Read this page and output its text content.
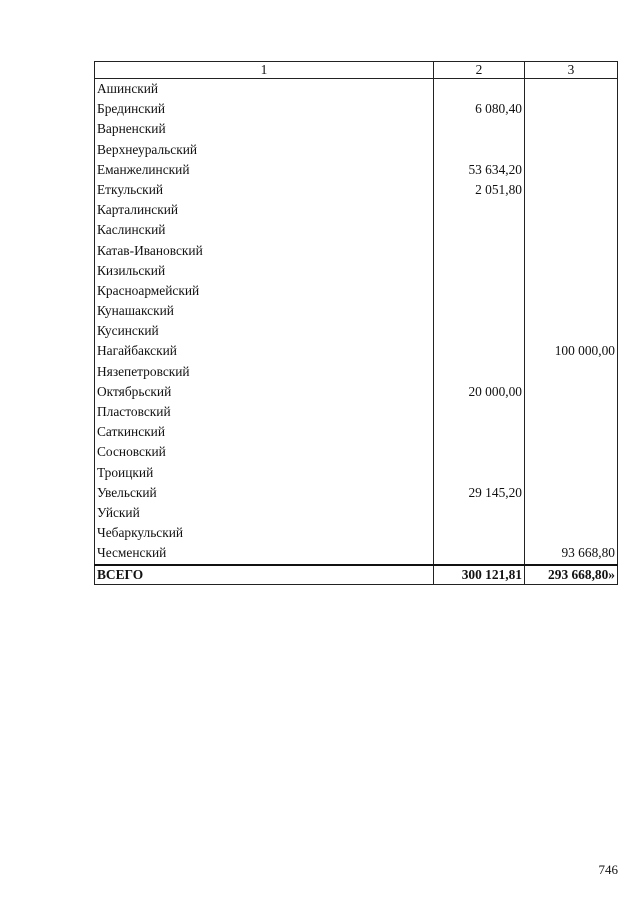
1	2	3
Ашинский		
Брединский	6 080,40	
Варненский		
Верхнеуральский		
Еманжелинский	53 634,20	
Еткульский	2 051,80	
Карталинский		
Каслинский		
Катав-Ивановский		
Кизильский		
Красноармейский		
Кунашакский		
Кусинский		
Нагайбакский		100 000,00
Нязепетровский		
Октябрьский	20 000,00	
Пластовский		
Саткинский		
Сосновский		
Троицкий		
Увельский	29 145,20	
Уйский		
Чебаркульский		
Чесменский		93 668,80
ВСЕГО	300 121,81	293 668,80»
746
